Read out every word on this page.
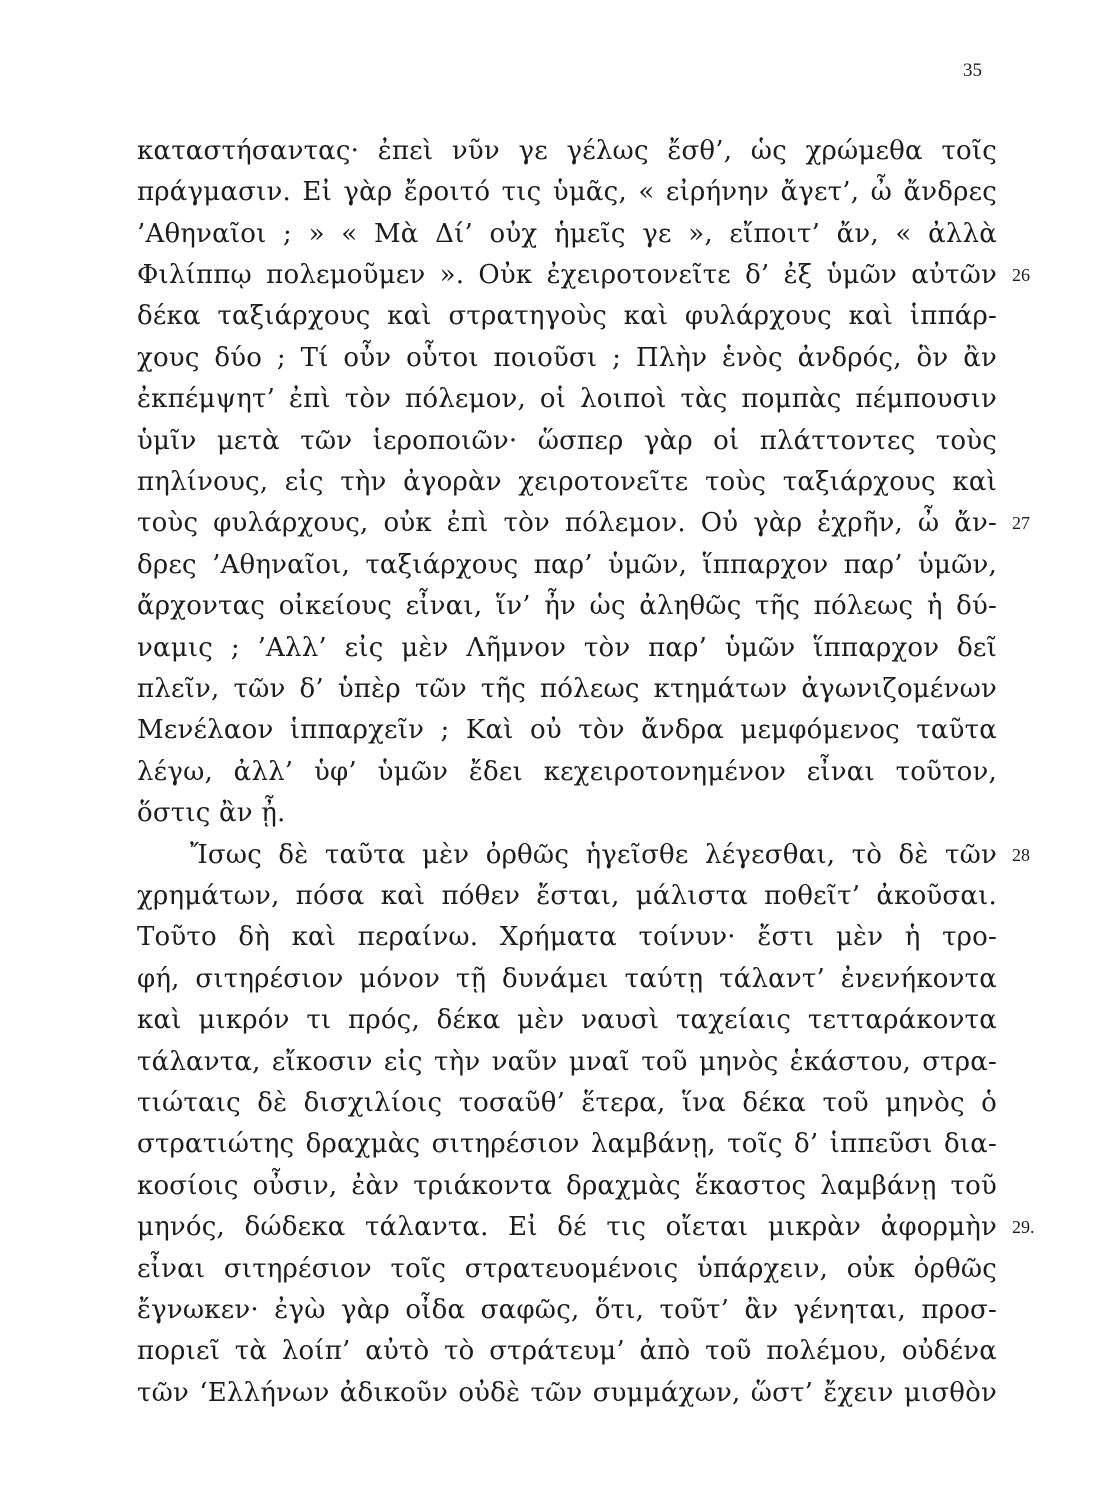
35
καταστήσαντας· ἐπεὶ νῦν γε γέλως ἔσθ’, ὡς χρώμεθα τοῖς
πράγμασιν. Εἰ γὰρ ἔροιτό τις ὑμᾶς, « εἰρήνην ἄγετ’, ὦ ἄνδρες
’Αθηναῖοι ; » « Μὰ Δί’ οὐχ ἡμεῖς γε », εἴποιτ’ ἄν, « ἀλλὰ
Φιλίππῳ πολεμοῦμεν ». Οὐκ ἐχειροτονεῖτε δ’ ἐξ ὑμῶν αὐτῶν
δέκα ταξιάρχους καὶ στρατηγοὺς καὶ φυλάρχους καὶ ἱππάρ-
χους δύο ; Τί οὖν οὗτοι ποιοῦσι ; Πλὴν ἑνὸς ἀνδρός, ὃν ἂν
ἐκπέμψητ’ ἐπὶ τὸν πόλεμον, οἱ λοιποὶ τὰς πομπὰς πέμπουσιν
ὑμῖν μετὰ τῶν ἱεροποιῶν· ὥσπερ γὰρ οἱ πλάττοντες τοὺς
πηλίνους, εἰς τὴν ἀγορὰν χειροτονεῖτε τοὺς ταξιάρχους καὶ
τοὺς φυλάρχους, οὐκ ἐπὶ τὸν πόλεμον. Οὐ γὰρ ἐχρῆν, ὦ ἄν-
δρες ’Αθηναῖοι, ταξιάρχους παρ’ ὑμῶν, ἵππαρχον παρ’ ὑμῶν,
ἄρχοντας οἰκείους εἶναι, ἵν’ ἦν ὡς ἀληθῶς τῆς πόλεως ἡ δύ-
ναμις ; ’Αλλ’ εἰς μὲν Λῆμνον τὸν παρ’ ὑμῶν ἵππαρχον δεῖ
πλεῖν, τῶν δ’ ὑπὲρ τῶν τῆς πόλεως κτημάτων ἀγωνιζομένων
Μενέλαον ἱππαρχεῖν ; Καὶ οὐ τὸν ἄνδρα μεμφόμενος ταῦτα
λέγω, ἀλλ’ ὑφ’ ὑμῶν ἔδει κεχειροτονημένον εἶναι τοῦτον,
ὅστις ἂν ᾖ.
Ἴσως δὲ ταῦτα μὲν ὀρθῶς ἡγεῖσθε λέγεσθαι, τὸ δὲ τῶν
χρημάτων, πόσα καὶ πόθεν ἔσται, μάλιστα ποθεῖτ’ ἀκοῦσαι.
Τοῦτο δὴ καὶ περαίνω. Χρήματα τοίνυν· ἔστι μὲν ἡ τρο-
φή, σιτηρέσιον μόνον τῇ δυνάμει ταύτῃ τάλαντ’ ἐνενήκοντα
καὶ μικρόν τι πρός, δέκα μὲν ναυσὶ ταχείαις τετταράκοντα
τάλαντα, εἴκοσιν εἰς τὴν ναῦν μναῖ τοῦ μηνὸς ἑκάστου, στρα-
τιώταις δὲ δισχιλίοις τοσαῦθ’ ἕτερα, ἵνα δέκα τοῦ μηνὸς ὁ
στρατιώτης δραχμὰς σιτηρέσιον λαμβάνῃ, τοῖς δ’ ἱππεῦσι δια-
κοσίοις οὖσιν, ἐὰν τριάκοντα δραχμὰς ἕκαστος λαμβάνῃ τοῦ
μηνός, δώδεκα τάλαντα. Εἰ δέ τις οἴεται μικρὰν ἀφορμὴν
εἶναι σιτηρέσιον τοῖς στρατευομένοις ὑπάρχειν, οὐκ ὀρθῶς
ἔγνωκεν· ἐγὼ γὰρ οἶδα σαφῶς, ὅτι, τοῦτ’ ἂν γένηται, προσ-
ποριεῖ τὰ λοίπ’ αὐτὸ τὸ στράτευμ’ ἀπὸ τοῦ πολέμου, οὐδένα
τῶν ‘Ελλήνων ἀδικοῦν οὐδὲ τῶν συμμάχων, ὥστ’ ἔχειν μισθὸν
26
27
28
29.
